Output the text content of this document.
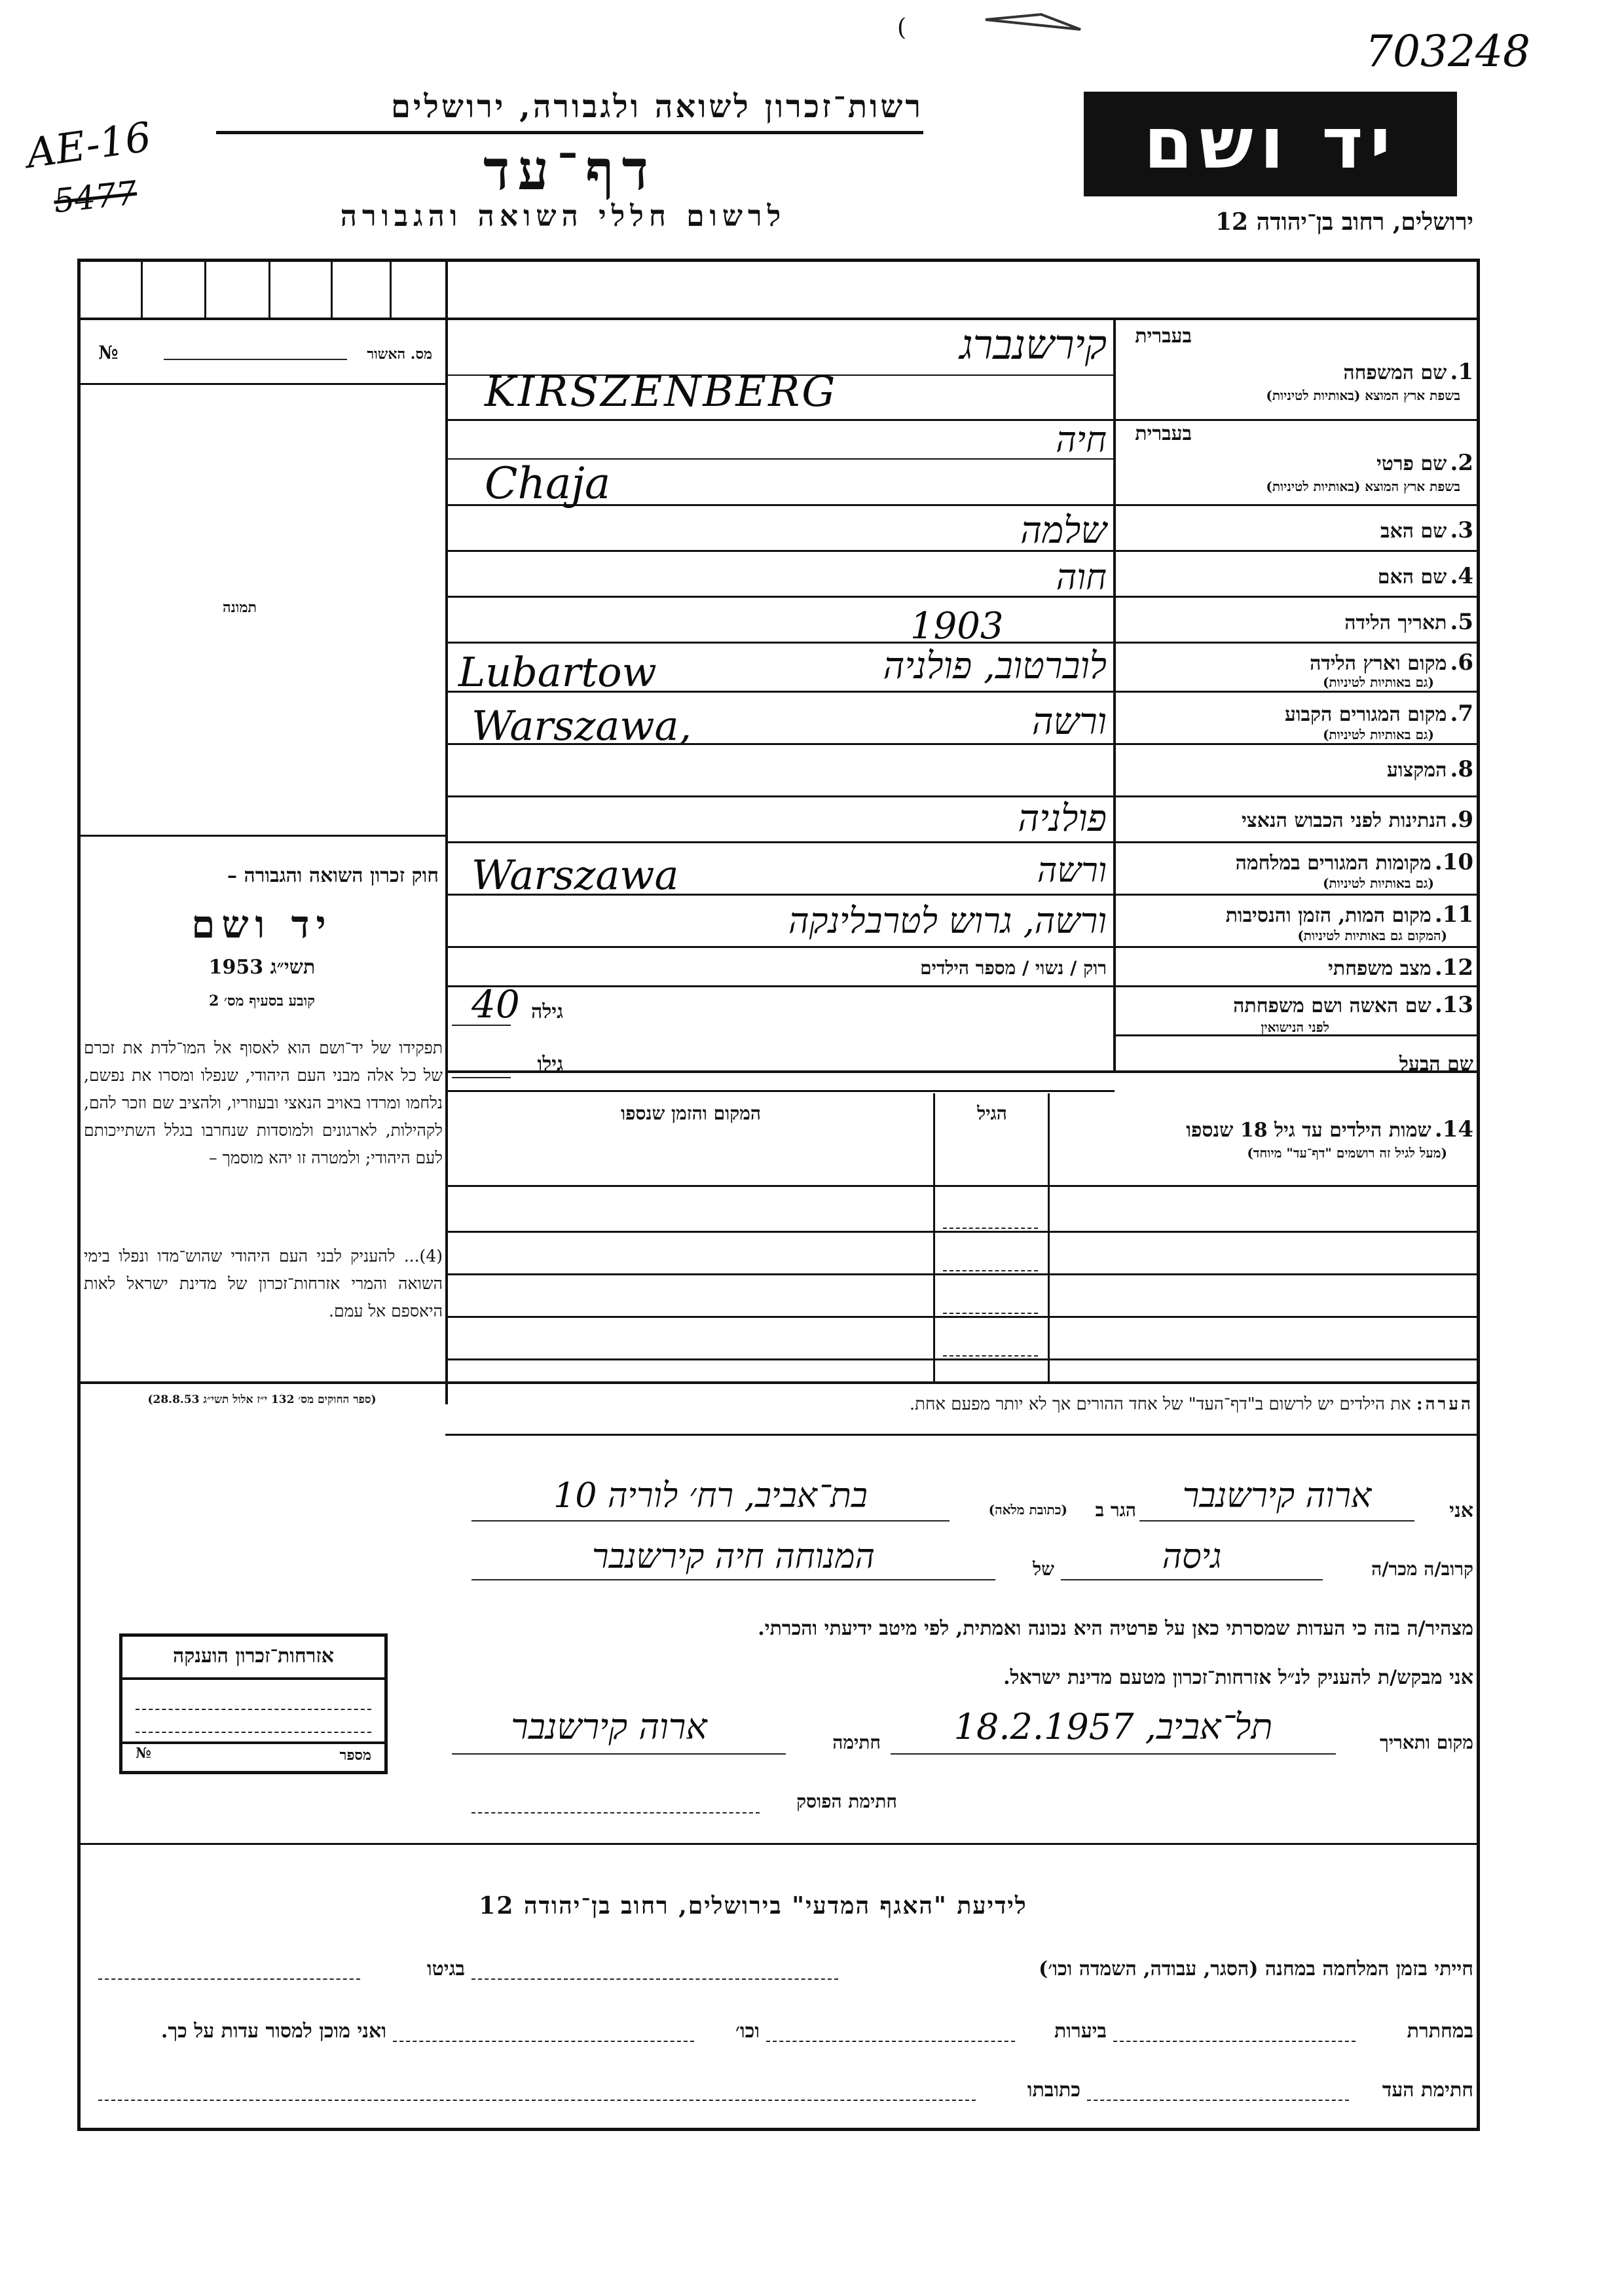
703248
AE-16
5477
(
רשות־זכרון לשואה ולגבורה, ירושלים
דף־עד
לרשום חללי השואה והגבורה
יד ושם
ירושלים, רחוב בן־יהודה 12
מס. האשור
№
תמונה
חוק זכרון השואה והגבורה –
יד ושם
תשי״ג 1953
קובע בסעיף מס׳ 2
תפקידו של יד־ושם הוא לאסוף אל המו־לדת את זכרם של כל אלה מבני העם היהודי, שנפלו ומסרו את נפשם, נלחמו ומרדו באויב הנאצי ובעוזריו, ולהציב שם וזכר להם, לקהילות, לארגונים ולמוסדות שנחרבו בגלל השתייכותם לעם היהודי; ולמטרה זו יהא מוסמך –
(4)... להעניק לבני העם היהודי שהוש־מדו ונפלו בימי השואה והמרי אזרחות־זכרון של מדינת ישראל לאות היאספם אל עמם.
(ספר החוקים מס׳ 132 י״ז אלול תשי״ג 28.8.53)
בעברית
1. שם המשפחה
בשפת ארץ המוצא (באותיות לטיניות)
קירשנברג
KIRSZENBERG
בעברית
2. שם פרטי
בשפת ארץ המוצא (באותיות לטיניות)
חיה
Chaja
3. שם האב
שלמה
4. שם האם
חוה
5. תאריך הלידה
1903
6. מקום וארץ הלידה
(גם באותיות לטיניות)
לוברטוב, פולניה
Lubartow
7. מקום המגורים הקבוע
(גם באותיות לטיניות)
ורשה
Warszawa,
8. המקצוע
9. הנתינות לפני הכבוש הנאצי
פולניה
10. מקומות המגורים במלחמה
(גם באותיות לטיניות)
ורשה
Warszawa
11. מקום המות, הזמן והנסיבות
(המקום גם באותיות לטיניות)
ורשה, גרוש לטרבלינקה
12. מצב משפחתי
רוק / נשוי / מספר הילדים
13. שם האשה ושם משפחתה
לפני הנישואין
גילה
40
שם הבעל
גילו
14. שמות הילדים עד גיל 18 שנספו
(מעל לגיל זה רושמים "דף־עד" מיוחד)
הגיל
המקום והזמן שנספו
הערה: את הילדים יש לרשום ב"דף־העד" של אחד ההורים אך לא יותר מפעם אחת.
אני
ארוה קירשנבר
הגר ב
(כתובת מלאה)
בת־אביב, רח׳ לוריה 10
קרוב/ה מכר/ה
גיסה
של
המנוחה חיה קירשנבר
מצהיר/ה בזה כי העדות שמסרתי כאן על פרטיה היא נכונה ואמתית, לפי מיטב ידיעתי והכרתי.
אני מבקש/ת להעניק לנ״ל אזרחות־זכרון מטעם מדינת ישראל.
מקום ותאריך
תל־אביב, 18.2.1957
חתימה
ארוה קירשנבר
חתימת הפוסק
אזרחות־זכרון הוענקה
מספר
№
לידיעת "האגף המדעי" בירושלים, רחוב בן־יהודה 12
חייתי בזמן המלחמה במחנה (הסגר, עבודה, השמדה וכו׳)
בגיטו
במחתרת
ביערות
וכו׳
ואני מוכן למסור עדות על כך.
חתימת העד
כתובתו
